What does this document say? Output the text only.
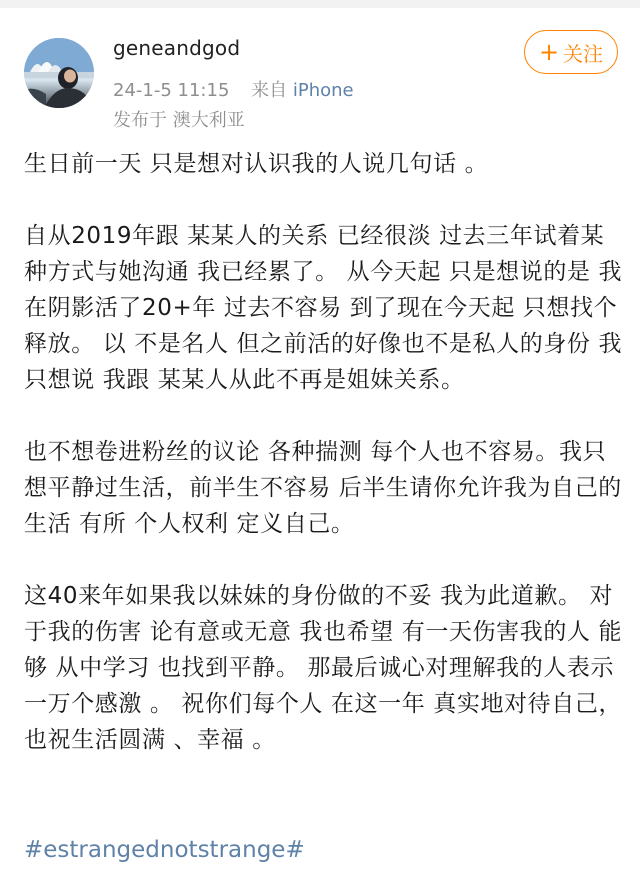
geneandgod
24-1-5 11:15 来自 iPhone
发布于 澳大利亚
+ 关注

生日前一天 只是想对认识我的人说几句话 。

自从2019年跟 某某人的关系 已经很淡 过去三年试着某种方式与她沟通 我已经累了。 从今天起 只是想说的是 我 在阴影活了20+年 过去不容易 到了现在今天起 只想找个释放。 以 不是名人 但之前活的好像也不是私人的身份 我只想说 我跟 某某人从此不再是姐妹关系。

也不想卷进粉丝的议论 各种揣测 每个人也不容易。我只想平静过生活，前半生不容易 后半生请你允许我为自己的生活 有所 个人权利 定义自己。

这40来年如果我以妹妹的身份做的不妥 我为此道歉。 对于我的伤害 论有意或无意 我也希望 有一天伤害我的人 能够 从中学习 也找到平静。 那最后诚心对理解我的人表示一万个感激 。 祝你们每个人 在这一年 真实地对待自己，也祝生活圆满 、幸福 。

#estrangednotstrange#
